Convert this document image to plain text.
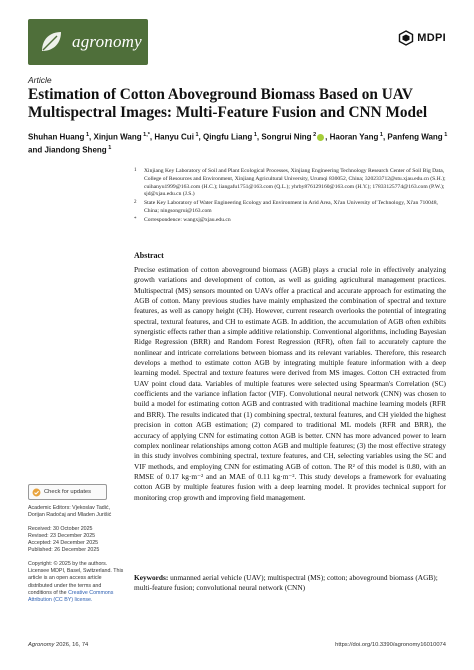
agronomy	MDPI
Article
Estimation of Cotton Aboveground Biomass Based on UAV Multispectral Images: Multi-Feature Fusion and CNN Model
Shuhan Huang $^1$, Xinjun Wang $^{1,*}$, Hanyu Cui $^1$, Qingfu Liang $^1$, Songrui Ning $^2$ , Haoran Yang $^1$, Panfeng Wang $^1$ and Jiandong Sheng $^1$
1 Xinjiang Key Laboratory of Soil and Plant Ecological Processes, Xinjiang Engineering Technology Research Center of Soil Big Data, College of Resources and Environment, Xinjiang Agricultural University, Urumqi 830052, China; 320233712@stu.xjau.edu.cn (S.H.); cuihanyu1999@163.com (H.C.); liangafu1751@163.com (Q.L.); yhrby876129160@163.com (H.Y.); 17833125774@163.com (P.W.); sjd@xjau.edu.cn (J.S.)
2 State Key Laboratory of Water Engineering Ecology and Environment in Arid Area, Xi'an University of Technology, Xi'an 710048, China; ningsongrui@163.com
* Correspondence: wangxj@xjau.edu.cn
Abstract
Precise estimation of cotton aboveground biomass (AGB) plays a crucial role in effectively analyzing growth variations and development of cotton, as well as guiding agricultural management practices. Multispectral (MS) sensors mounted on UAVs offer a practical and accurate approach for estimating the AGB of cotton. Many previous studies have mainly emphasized the combination of spectral and texture features, as well as canopy height (CH). However, current research overlooks the potential of integrating spectral, textural features, and CH to estimate AGB. In addition, the accumulation of AGB often exhibits synergistic effects rather than a simple additive relationship. Conventional algorithms, including Bayesian Ridge Regression (BRR) and Random Forest Regression (RFR), often fail to accurately capture the nonlinear and intricate correlations between biomass and its relevant variables. Therefore, this research develops a method to estimate cotton AGB by integrating multiple feature information with a deep learning model. Spectral and texture features were derived from MS images. Cotton CH extracted from UAV point cloud data. Variables of multiple features were selected using Spearman's Correlation (SC) coefficients and the variance inflation factor (VIF). Convolutional neural network (CNN) was chosen to build a model for estimating cotton AGB and contrasted with traditional machine learning models (RFR and BRR). The results indicated that (1) combining spectral, textural features, and CH yielded the highest precision in cotton AGB estimation; (2) compared to traditional ML models (RFR and BRR), the accuracy of applying CNN for estimating cotton AGB is better. CNN has more advanced power to learn complex nonlinear relationships among cotton AGB and multiple features; (3) the most effective strategy in this study involves combining spectral, texture features, and CH, selecting variables using the SC and VIF methods, and employing CNN for estimating AGB of cotton. The R² of this model is 0.80, with an RMSE of 0.17 kg·m⁻² and an MAE of 0.11 kg·m⁻². This study develops a framework for evaluating cotton AGB by multiple features fusion with a deep learning model. It provides technical support for monitoring crop growth and improving field management.
Keywords: unmanned aerial vehicle (UAV); multispectral (MS); cotton; aboveground biomass (AGB); multi-feature fusion; convolutional neural network (CNN)
Check for updates
Academic Editors: Vjekoslav Tadić, Dorijan Radočaj and Mladen Jurišić
Received: 30 October 2025
Revised: 23 December 2025
Accepted: 24 December 2025
Published: 26 December 2025
Copyright: © 2025 by the authors. Licensee MDPI, Basel, Switzerland. This article is an open access article distributed under the terms and conditions of the Creative Commons Attribution (CC BY) license.
Agronomy 2026, 16, 74	https://doi.org/10.3390/agronomy16010074
